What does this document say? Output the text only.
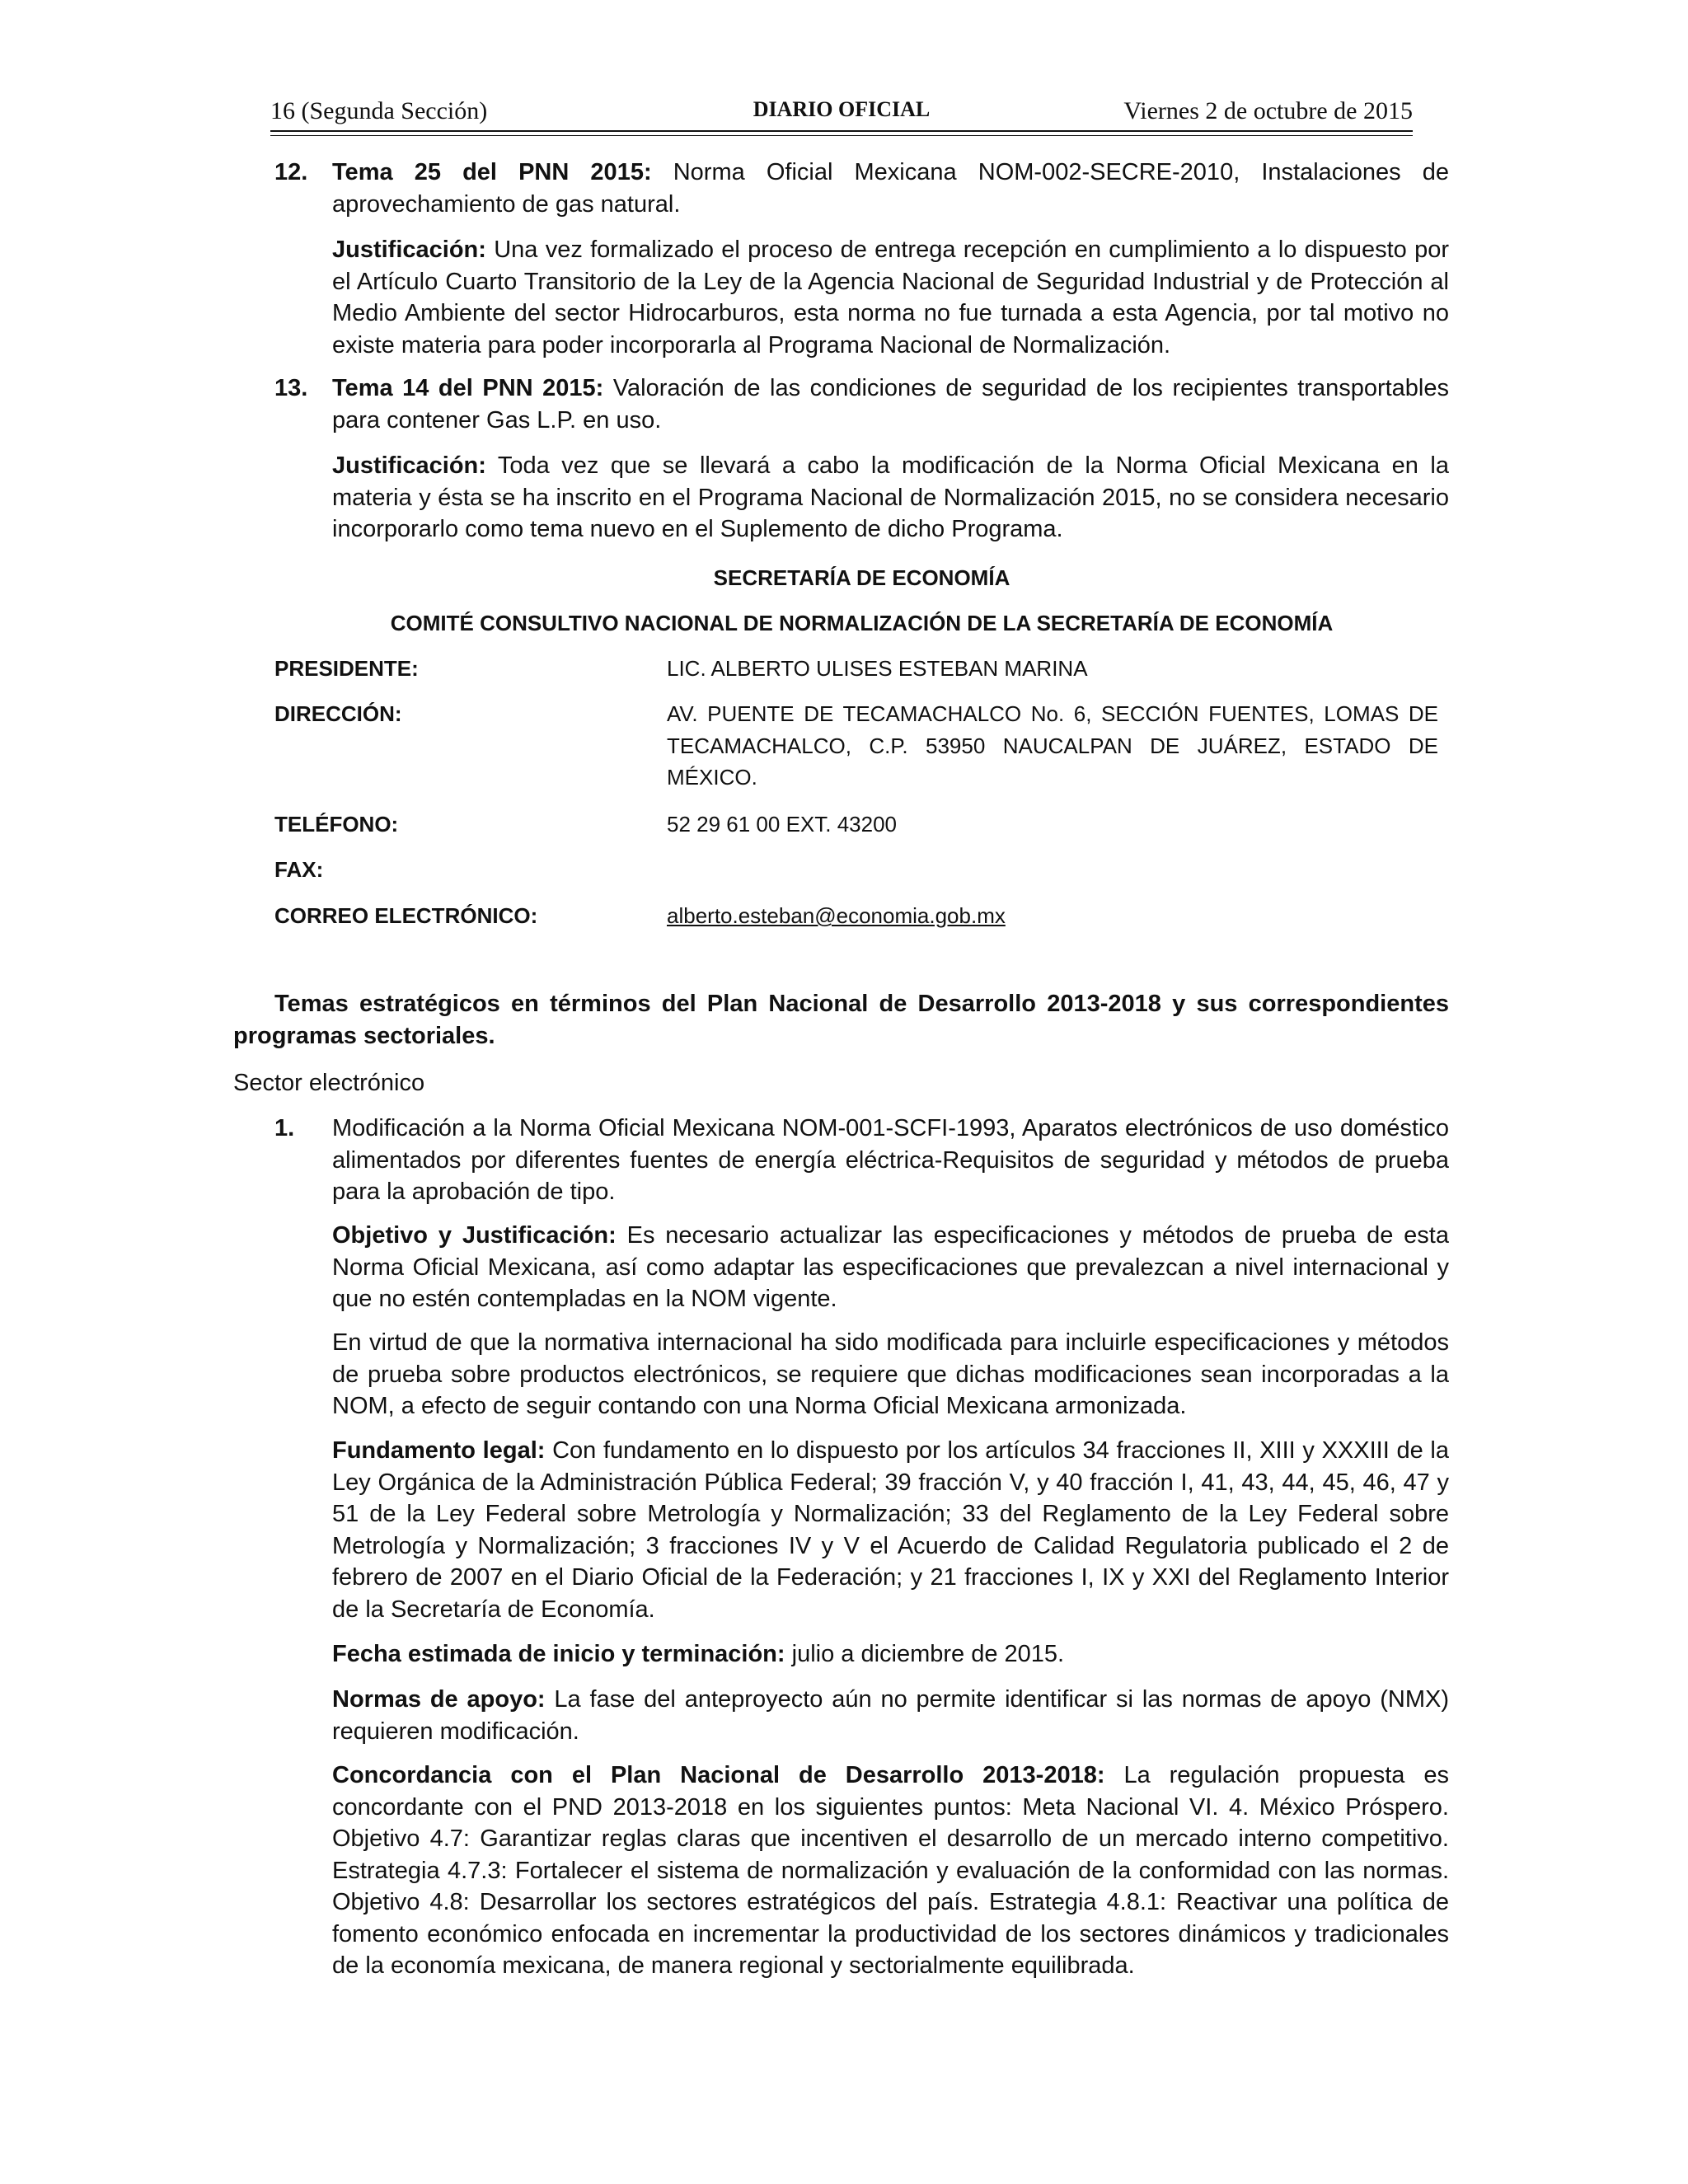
16 (Segunda Sección)	DIARIO OFICIAL	Viernes 2 de octubre de 2015
12. Tema 25 del PNN 2015: Norma Oficial Mexicana NOM-002-SECRE-2010, Instalaciones de aprovechamiento de gas natural.
Justificación: Una vez formalizado el proceso de entrega recepción en cumplimiento a lo dispuesto por el Artículo Cuarto Transitorio de la Ley de la Agencia Nacional de Seguridad Industrial y de Protección al Medio Ambiente del sector Hidrocarburos, esta norma no fue turnada a esta Agencia, por tal motivo no existe materia para poder incorporarla al Programa Nacional de Normalización.
13. Tema 14 del PNN 2015: Valoración de las condiciones de seguridad de los recipientes transportables para contener Gas L.P. en uso.
Justificación: Toda vez que se llevará a cabo la modificación de la Norma Oficial Mexicana en la materia y ésta se ha inscrito en el Programa Nacional de Normalización 2015, no se considera necesario incorporarlo como tema nuevo en el Suplemento de dicho Programa.
SECRETARÍA DE ECONOMÍA
COMITÉ CONSULTIVO NACIONAL DE NORMALIZACIÓN DE LA SECRETARÍA DE ECONOMÍA
PRESIDENTE:	LIC. ALBERTO ULISES ESTEBAN MARINA
DIRECCIÓN:	AV. PUENTE DE TECAMACHALCO No. 6, SECCIÓN FUENTES, LOMAS DE TECAMACHALCO, C.P. 53950 NAUCALPAN DE JUÁREZ, ESTADO DE MÉXICO.
TELÉFONO:	52 29 61 00 EXT. 43200
FAX:
CORREO ELECTRÓNICO:	alberto.esteban@economia.gob.mx
Temas estratégicos en términos del Plan Nacional de Desarrollo 2013-2018 y sus correspondientes programas sectoriales.
Sector electrónico
1. Modificación a la Norma Oficial Mexicana NOM-001-SCFI-1993, Aparatos electrónicos de uso doméstico alimentados por diferentes fuentes de energía eléctrica-Requisitos de seguridad y métodos de prueba para la aprobación de tipo.
Objetivo y Justificación: Es necesario actualizar las especificaciones y métodos de prueba de esta Norma Oficial Mexicana, así como adaptar las especificaciones que prevalezcan a nivel internacional y que no estén contempladas en la NOM vigente.
En virtud de que la normativa internacional ha sido modificada para incluirle especificaciones y métodos de prueba sobre productos electrónicos, se requiere que dichas modificaciones sean incorporadas a la NOM, a efecto de seguir contando con una Norma Oficial Mexicana armonizada.
Fundamento legal: Con fundamento en lo dispuesto por los artículos 34 fracciones II, XIII y XXXIII de la Ley Orgánica de la Administración Pública Federal; 39 fracción V, y 40 fracción I, 41, 43, 44, 45, 46, 47 y 51 de la Ley Federal sobre Metrología y Normalización; 33 del Reglamento de la Ley Federal sobre Metrología y Normalización; 3 fracciones IV y V el Acuerdo de Calidad Regulatoria publicado el 2 de febrero de 2007 en el Diario Oficial de la Federación; y 21 fracciones I, IX y XXI del Reglamento Interior de la Secretaría de Economía.
Fecha estimada de inicio y terminación: julio a diciembre de 2015.
Normas de apoyo: La fase del anteproyecto aún no permite identificar si las normas de apoyo (NMX) requieren modificación.
Concordancia con el Plan Nacional de Desarrollo 2013-2018: La regulación propuesta es concordante con el PND 2013-2018 en los siguientes puntos: Meta Nacional VI. 4. México Próspero. Objetivo 4.7: Garantizar reglas claras que incentiven el desarrollo de un mercado interno competitivo. Estrategia 4.7.3: Fortalecer el sistema de normalización y evaluación de la conformidad con las normas. Objetivo 4.8: Desarrollar los sectores estratégicos del país. Estrategia 4.8.1: Reactivar una política de fomento económico enfocada en incrementar la productividad de los sectores dinámicos y tradicionales de la economía mexicana, de manera regional y sectorialmente equilibrada.
